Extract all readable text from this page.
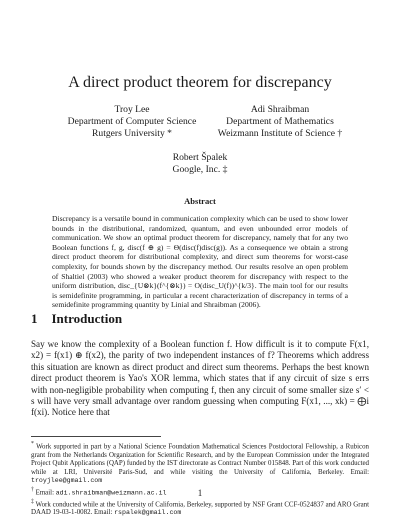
A direct product theorem for discrepancy
Troy Lee
Department of Computer Science
Rutgers University *
Adi Shraibman
Department of Mathematics
Weizmann Institute of Science †
Robert Špalek
Google, Inc. ‡
Abstract
Discrepancy is a versatile bound in communication complexity which can be used to show lower bounds in the distributional, randomized, quantum, and even unbounded error models of communication. We show an optimal product theorem for discrepancy, namely that for any two Boolean functions f, g, disc(f ⊕ g) = Θ(disc(f)disc(g)). As a consequence we obtain a strong direct product theorem for distributional complexity, and direct sum theorems for worst-case complexity, for bounds shown by the discrepancy method. Our results resolve an open problem of Shaltiel (2003) who showed a weaker product theorem for discrepancy with respect to the uniform distribution, disc_{U⊗k}(f^{⊗k}) = O(disc_U(f))^{k/3}. The main tool for our results is semidefinite programming, in particular a recent characterization of discrepancy in terms of a semidefinite programming quantity by Linial and Shraibman (2006).
1 Introduction
Say we know the complexity of a Boolean function f. How difficult is it to compute F(x1, x2) = f(x1) ⊕ f(x2), the parity of two independent instances of f? Theorems which address this situation are known as direct product and direct sum theorems. Perhaps the best known direct product theorem is Yao's XOR lemma, which states that if any circuit of size s errs with non-negligible probability when computing f, then any circuit of some smaller size s′ < s will have very small advantage over random guessing when computing F(x1, ..., xk) = ⨁i f(xi). Notice here that
* Work supported in part by a National Science Foundation Mathematical Sciences Postdoctoral Fellowship, a Rubicon grant from the Netherlands Organization for Scientific Research, and by the European Commission under the Integrated Project Qubit Applications (QAP) funded by the IST directorate as Contract Number 015848. Part of this work conducted while at LRI, Université Paris-Sud, and while visiting the University of California, Berkeley. Email: troyjlee@gmail.com
† Email: adi.shraibman@weizmann.ac.il
‡ Work conducted while at the University of California, Berkeley, supported by NSF Grant CCF-0524837 and ARO Grant DAAD 19-03-1-0082. Email: rspalek@gmail.com
1
